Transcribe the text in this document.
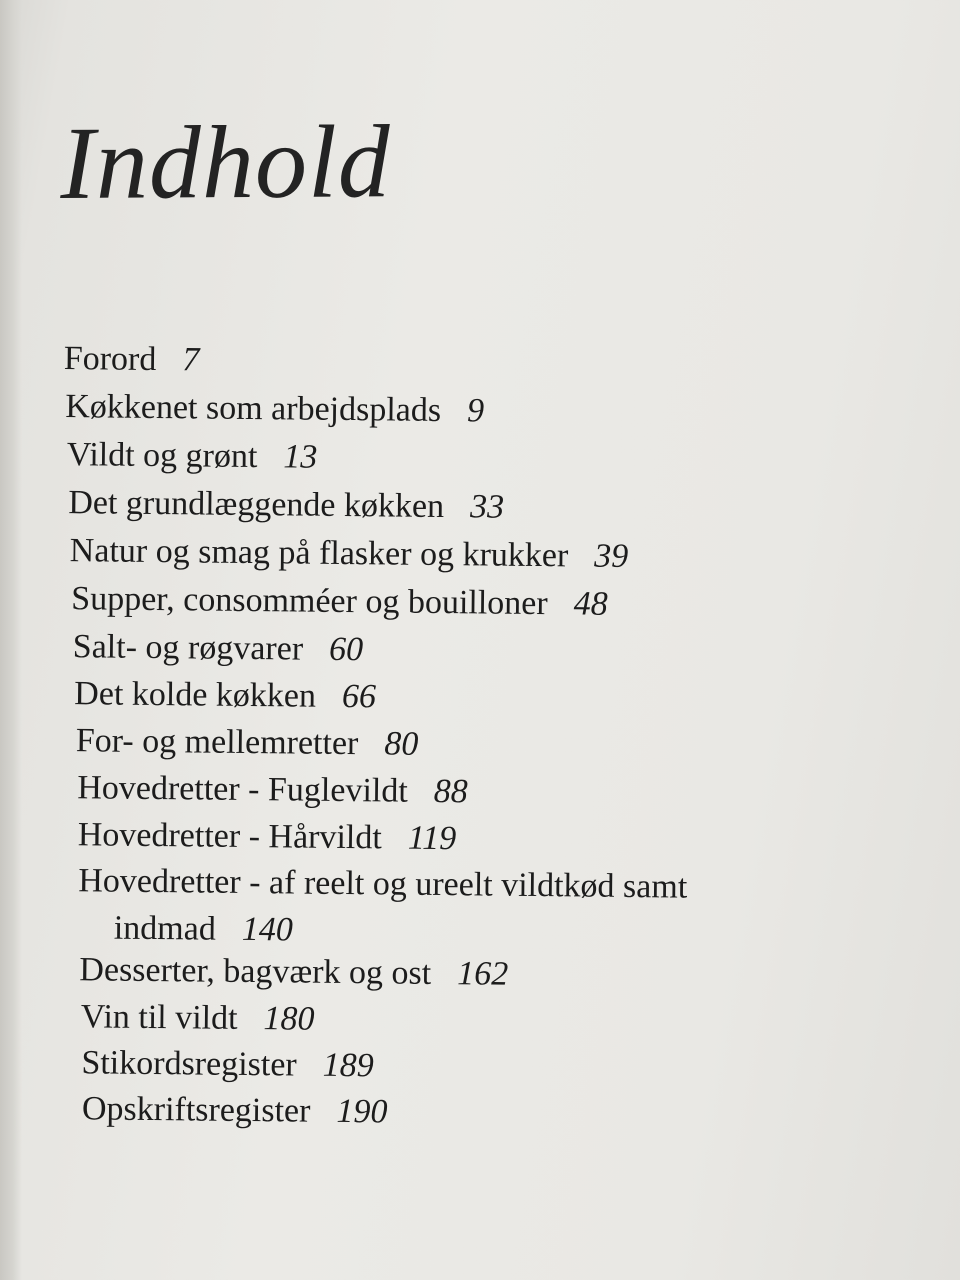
Indhold
Forord 7
Køkkenet som arbejdsplads 9
Vildt og grønt 13
Det grundlæggende køkken 33
Natur og smag på flasker og krukker 39
Supper, consomméer og bouilloner 48
Salt- og røgvarer 60
Det kolde køkken 66
For- og mellemretter 80
Hovedretter - Fuglevildt 88
Hovedretter - Hårvildt 119
Hovedretter - af reelt og ureelt vildtkød samt
indmad 140
Desserter, bagværk og ost 162
Vin til vildt 180
Stikordsregister 189
Opskriftsregister 190
